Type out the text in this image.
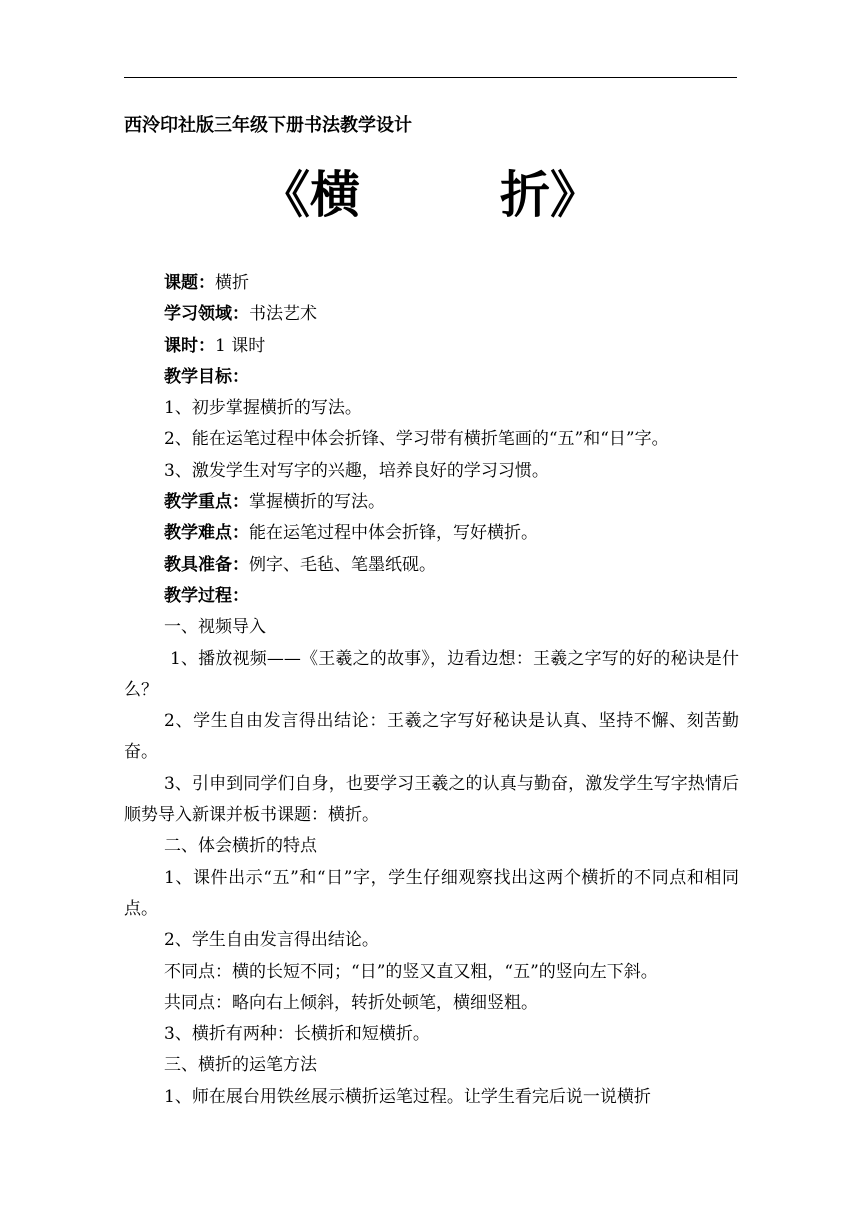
西泠印社版三年级下册书法教学设计
《横	折》

课题：横折

学习领域：书法艺术

课时：1 课时

教学目标：

1、初步掌握横折的写法。

2、能在运笔过程中体会折锋、学习带有横折笔画的“五”和“日”字。

3、激发学生对写字的兴趣，培养良好的学习习惯。

教学重点：掌握横折的写法。

教学难点：能在运笔过程中体会折锋，写好横折。

教具准备：例字、毛毡、笔墨纸砚。

教学过程：

一、视频导入

1、播放视频——《王羲之的故事》，边看边想：王羲之字写的好的秘诀是什么？

2、学生自由发言得出结论：王羲之字写好秘诀是认真、坚持不懈、刻苦勤奋。

3、引申到同学们自身，也要学习王羲之的认真与勤奋，激发学生写字热情后顺势导入新课并板书课题：横折。

二、体会横折的特点

1、课件出示“五”和“日”字，学生仔细观察找出这两个横折的不同点和相同点。

2、学生自由发言得出结论。

不同点：横的长短不同；“日”的竖又直又粗，“五”的竖向左下斜。

共同点：略向右上倾斜，转折处顿笔，横细竖粗。

3、横折有两种：长横折和短横折。

三、横折的运笔方法

1、师在展台用铁丝展示横折运笔过程。让学生看完后说一说横折
